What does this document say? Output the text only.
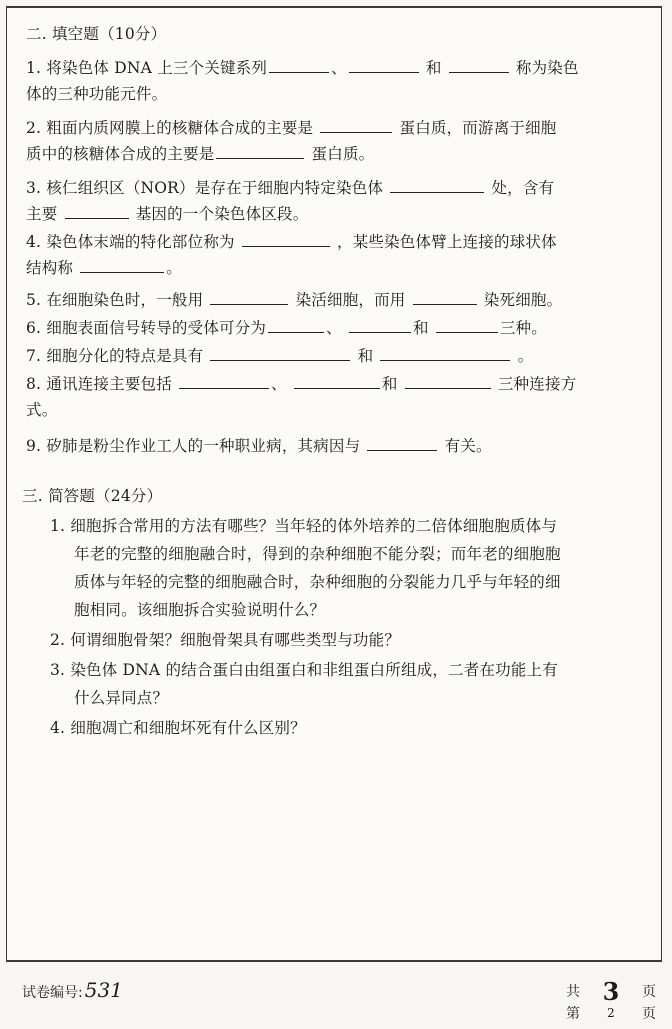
二. 填空题（10分）
1. 将染色体 DNA 上三个关键系列	、	和	称为染色
体的三种功能元件。
2. 粗面内质网膜上的核糖体合成的主要是	蛋白质，而游离于细胞
质中的核糖体合成的主要是	蛋白质。
3. 核仁组织区（NOR）是存在于细胞内特定染色体	处，含有
主要	基因的一个染色体区段。
4. 染色体末端的特化部位称为	，某些染色体臂上连接的球状体
结构称	。
5. 在细胞染色时，一般用	染活细胞，而用	染死细胞。
6. 细胞表面信号转导的受体可分为	、	和	三种。
7. 细胞分化的特点是具有	和	。
8. 通讯连接主要包括	、	和	三种连接方
式。
9. 矽肺是粉尘作业工人的一种职业病，其病因与	有关。
三. 简答题（24分）
1. 细胞拆合常用的方法有哪些？当年轻的体外培养的二倍体细胞胞质体与
年老的完整的细胞融合时，得到的杂种细胞不能分裂；而年老的细胞胞
质体与年轻的完整的细胞融合时，杂种细胞的分裂能力几乎与年轻的细
胞相同。该细胞拆合实验说明什么？
2. 何谓细胞骨架？细胞骨架具有哪些类型与功能？
3. 染色体 DNA 的结合蛋白由组蛋白和非组蛋白所组成，二者在功能上有
什么异同点？
4. 细胞凋亡和细胞坏死有什么区别？
试卷编号: 531	共 3 页
第 2 页
